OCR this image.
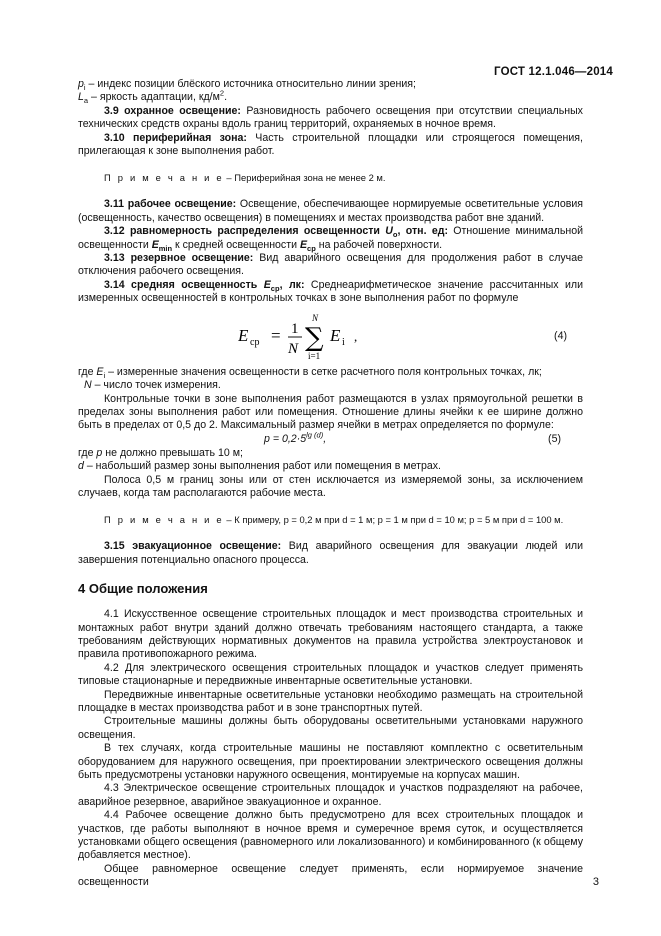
ГОСТ 12.1.046—2014

$p_i$ – индекс позиции блёского источника относительно линии зрения;

$L_a$ – яркость адаптации, $кд/м^2$.

3.9 охранное освещение: Разновидность рабочего освещения при отсутствии специальных технических средств охраны вдоль границ территорий, охраняемых в ночное время.

3.10 периферийная зона: Часть строительной площадки или строящегося помещения, прилегающая к зоне выполнения работ.

П р и м е ч а н и е – Периферийная зона не менее 2 м.

3.11 рабочее освещение: Освещение, обеспечивающее нормируемые осветительные условия (освещенность, качество освещения) в помещениях и местах производства работ вне зданий.

3.12 равномерность распределения освещенности $U_o$, отн. ед: Отношение минимальной освещенности $E_{min}$ к средней освещенности $E_{ср}$ на рабочей поверхности.

3.13 резервное освещение: Вид аварийного освещения для продолжения работ в случае отключения рабочего освещения.

3.14 средняя освещенность $E_{ср}$, лк: Среднеарифметическое значение рассчитанных или измеренных освещенностей в контрольных точках в зоне выполнения работ по формуле

E ср = 1
N
N
∑
i=1
E i ,	(4)

где $E_i$ – измеренные значения освещенности в сетке расчетного поля контрольных точках, лк;

N – число точек измерения.

Контрольные точки в зоне выполнения работ размещаются в узлах прямоугольной решетки в пределах зоны выполнения работ или помещения. Отношение длины ячейки к ее ширине должно быть в пределах от 0,5 до 2. Максимальный размер ячейки в метрах определяется по формуле:

$p = 0,2\cdot 5^{lg (d)}$,	(5)

где p не должно превышать 10 м;

d – набольший размер зоны выполнения работ или помещения в метрах.

Полоса 0,5 м границ зоны или от стен исключается из измеряемой зоны, за исключением случаев, когда там располагаются рабочие места.

П р и м е ч а н и е – К примеру, p = 0,2 м при d = 1 м; p = 1 м при d = 10 м; p = 5 м при d = 100 м.

3.15 эвакуационное освещение: Вид аварийного освещения для эвакуации людей или завершения потенциально опасного процесса.

4 Общие положения

4.1 Искусственное освещение строительных площадок и мест производства строительных и монтажных работ внутри зданий должно отвечать требованиям настоящего стандарта, а также требованиям действующих нормативных документов на правила устройства электроустановок и правила противопожарного режима.

4.2 Для электрического освещения строительных площадок и участков следует применять типовые стационарные и передвижные инвентарные осветительные установки.

Передвижные инвентарные осветительные установки необходимо размещать на строительной площадке в местах производства работ и в зоне транспортных путей.

Строительные машины должны быть оборудованы осветительными установками наружного освещения.

В тех случаях, когда строительные машины не поставляют комплектно с осветительным оборудованием для наружного освещения, при проектировании электрического освещения должны быть предусмотрены установки наружного освещения, монтируемые на корпусах машин.

4.3 Электрическое освещение строительных площадок и участков подразделяют на рабочее, аварийное резервное, аварийное эвакуационное и охранное.

4.4 Рабочее освещение должно быть предусмотрено для всех строительных площадок и участков, где работы выполняют в ночное время и сумеречное время суток, и осуществляется установками общего освещения (равномерного или локализованного) и комбинированного (к общему добавляется местное).

Общее равномерное освещение следует применять, если нормируемое значение освещенности	3
